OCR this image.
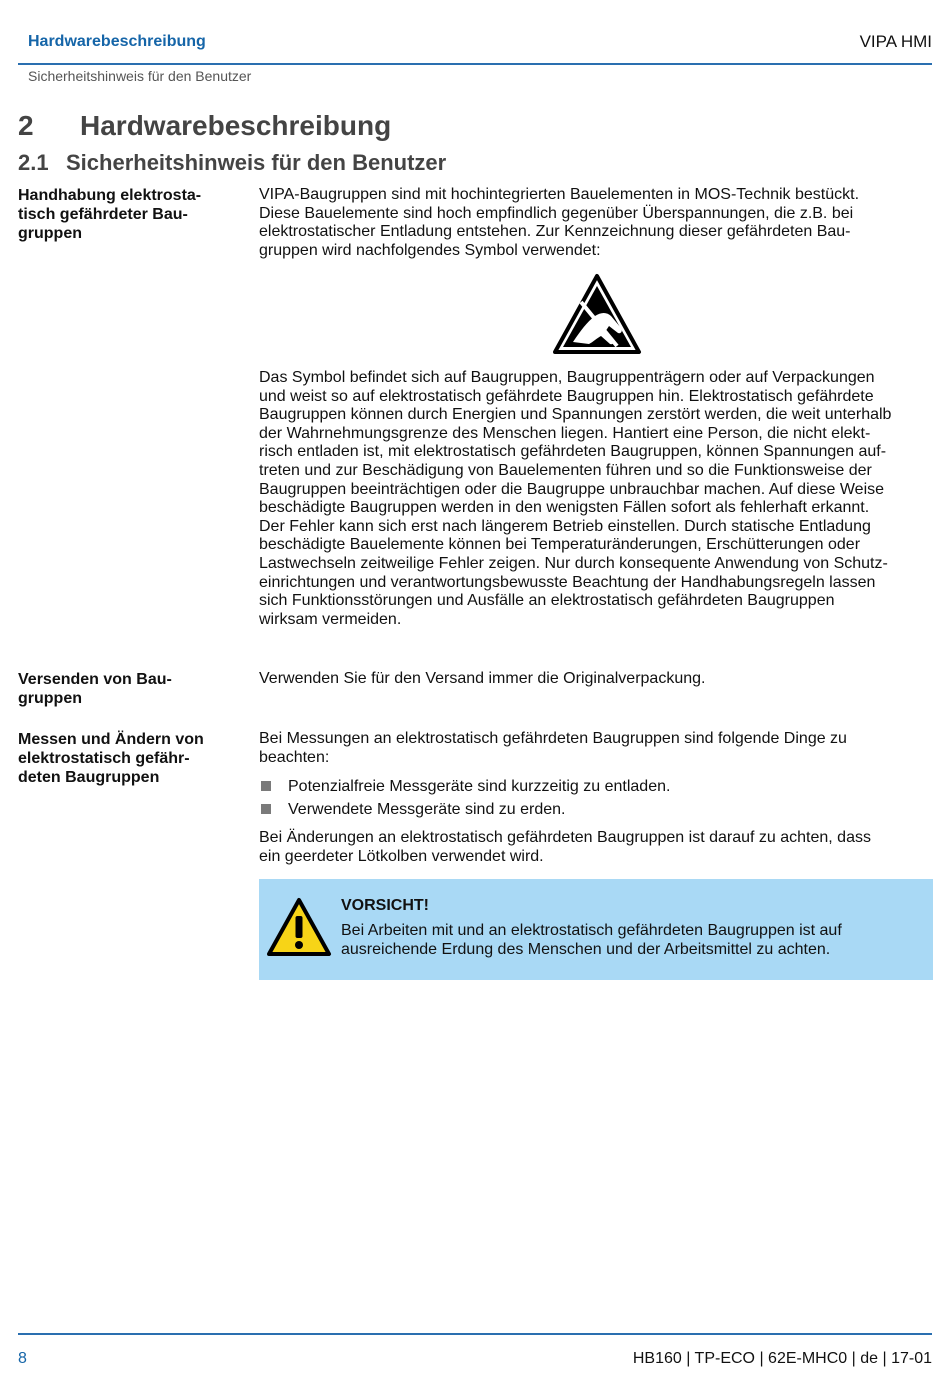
Hardwarebeschreibung	VIPA HMI
Sicherheitshinweis für den Benutzer
2 Hardwarebeschreibung
2.1 Sicherheitshinweis für den Benutzer
Handhabung elektrosta-
tisch gefährdeter Bau-
gruppen

VIPA-Baugruppen sind mit hochintegrierten Bauelementen in MOS-Technik bestückt.

Diese Bauelemente sind hoch empfindlich gegenüber Überspannungen, die z.B. bei

elektrostatischer Entladung entstehen. Zur Kennzeichnung dieser gefährdeten Bau-

gruppen wird nachfolgendes Symbol verwendet:

Das Symbol befindet sich auf Baugruppen, Baugruppenträgern oder auf Verpackungen

und weist so auf elektrostatisch gefährdete Baugruppen hin. Elektrostatisch gefährdete

Baugruppen können durch Energien und Spannungen zerstört werden, die weit unterhalb

der Wahrnehmungsgrenze des Menschen liegen. Hantiert eine Person, die nicht elekt-

risch entladen ist, mit elektrostatisch gefährdeten Baugruppen, können Spannungen auf-

treten und zur Beschädigung von Bauelementen führen und so die Funktionsweise der

Baugruppen beeinträchtigen oder die Baugruppe unbrauchbar machen. Auf diese Weise

beschädigte Baugruppen werden in den wenigsten Fällen sofort als fehlerhaft erkannt.

Der Fehler kann sich erst nach längerem Betrieb einstellen. Durch statische Entladung

beschädigte Bauelemente können bei Temperaturänderungen, Erschütterungen oder

Lastwechseln zeitweilige Fehler zeigen. Nur durch konsequente Anwendung von Schutz-

einrichtungen und verantwortungsbewusste Beachtung der Handhabungsregeln lassen

sich Funktionsstörungen und Ausfälle an elektrostatisch gefährdeten Baugruppen

wirksam vermeiden.

Versenden von Bau-
gruppen

Verwenden Sie für den Versand immer die Originalverpackung.

Messen und Ändern von
elektrostatisch gefähr-
deten Baugruppen

Bei Messungen an elektrostatisch gefährdeten Baugruppen sind folgende Dinge zu

beachten:

Potenzialfreie Messgeräte sind kurzzeitig zu entladen.
Verwendete Messgeräte sind zu erden.

Bei Änderungen an elektrostatisch gefährdeten Baugruppen ist darauf zu achten, dass

ein geerdeter Lötkolben verwendet wird.

VORSICHT!
Bei Arbeiten mit und an elektrostatisch gefährdeten Baugruppen ist auf
ausreichende Erdung des Menschen und der Arbeitsmittel zu achten.
8	HB160 | TP-ECO | 62E-MHC0 | de | 17-01
